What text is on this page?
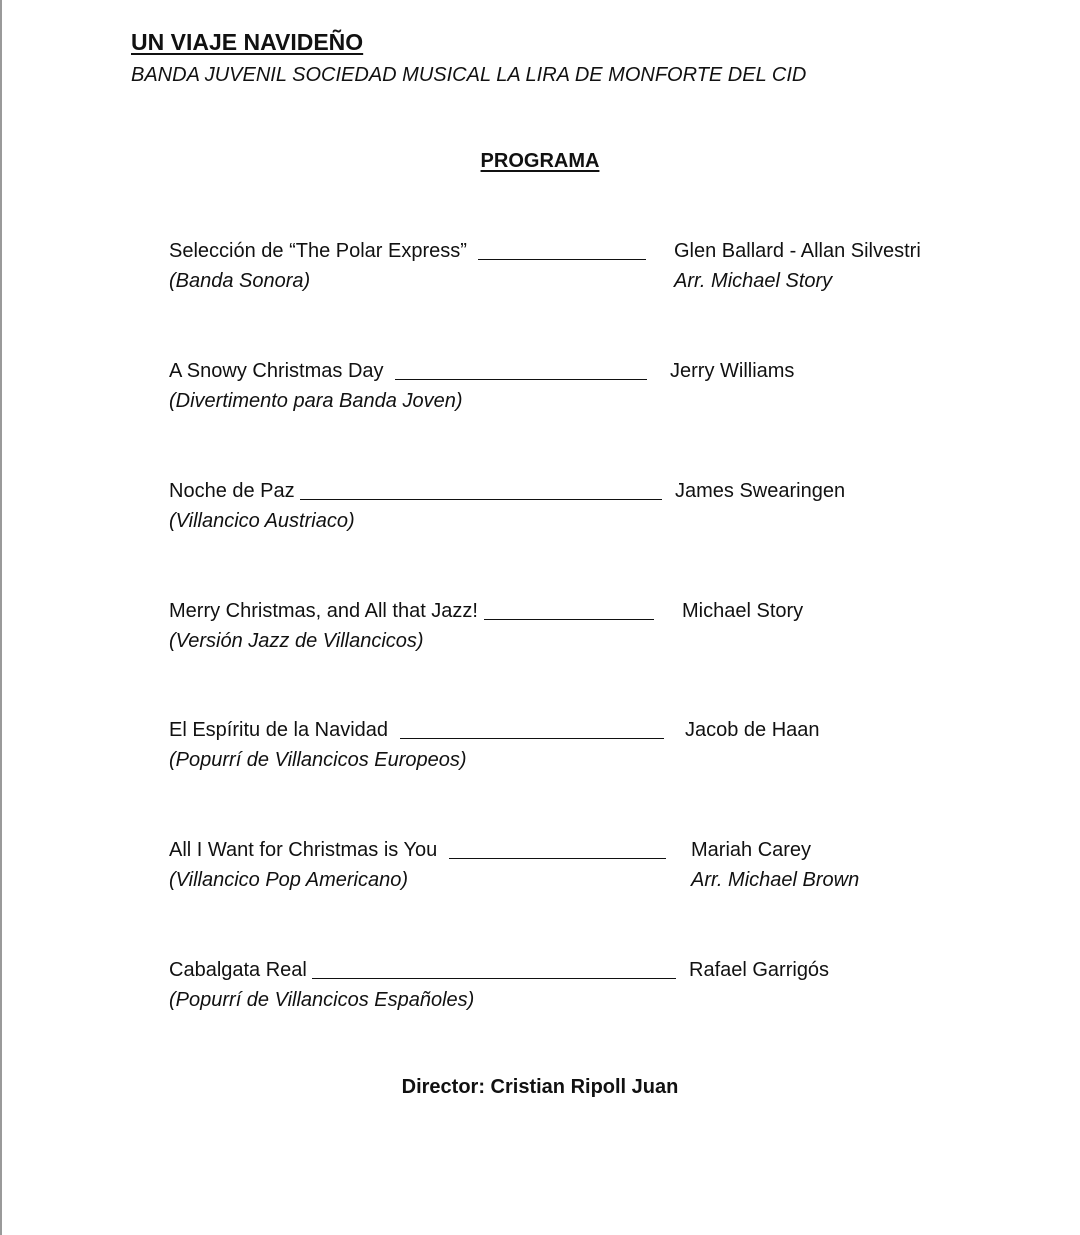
UN VIAJE NAVIDEÑO
BANDA JUVENIL SOCIEDAD MUSICAL LA LIRA DE MONFORTE DEL CID
PROGRAMA
Selección de “The Polar Express”	Glen Ballard - Allan Silvestri
(Banda Sonora)	Arr. Michael Story
A Snowy Christmas Day	Jerry Williams
(Divertimento para Banda Joven)
Noche de Paz	James Swearingen
(Villancico Austriaco)
Merry Christmas, and All that Jazz!	Michael Story
(Versión Jazz de Villancicos)
El Espíritu de la Navidad	Jacob de Haan
(Popurrí de Villancicos Europeos)
All I Want for Christmas is You	Mariah Carey
(Villancico Pop Americano)	Arr. Michael Brown
Cabalgata Real	Rafael Garrigós
(Popurrí de Villancicos Españoles)
Director: Cristian Ripoll Juan
